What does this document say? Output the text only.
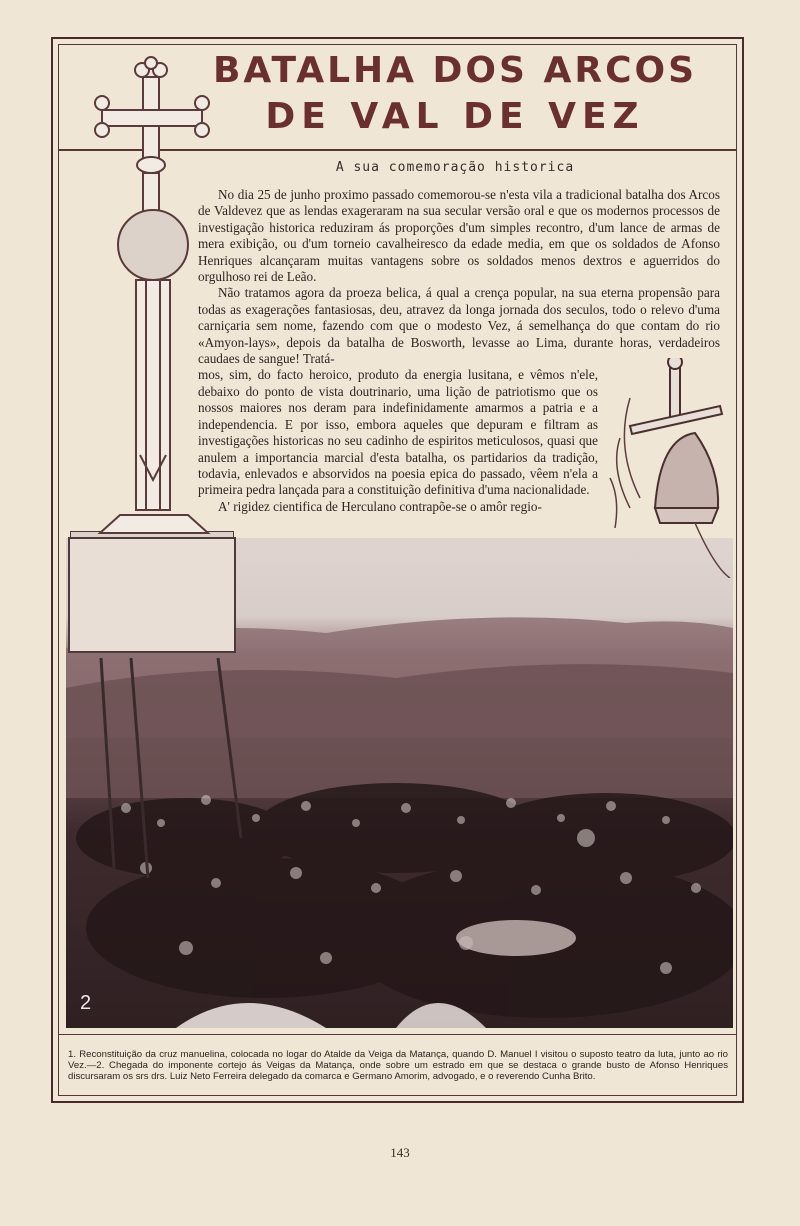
BATALHA DOS ARCOS
DE VAL DE VEZ
A sua comemoração historica

No dia 25 de junho proximo passado comemorou-se n'esta vila a tradicional batalha dos Arcos de Valdevez que as lendas exageraram na sua secular versão oral e que os modernos processos de investigação historica reduziram ás proporções d'um simples recontro, d'um lance de armas de mera exibição, ou d'um torneio cavalheiresco da edade media, em que os soldados de Afonso Henriques alcançaram muitas vantagens sobre os soldados menos dextros e aguerridos do orgulhoso rei de Leão.

Não tratamos agora da proeza belica, á qual a crença popular, na sua eterna propensão para todas as exagerações fantasiosas, deu, atravez da longa jornada dos seculos, todo o relevo d'uma carniçaria sem nome, fazendo com que o modesto Vez, á semelhança do que contam do rio «Amyon-lays», depois da batalha de Bosworth, levasse ao Lima, durante horas, verdadeiros caudaes de sangue! Tratá-

mos, sim, do facto heroico, produto da energia lusitana, e vêmos n'ele, debaixo do ponto de vista doutrinario, uma lição de patriotismo que os nossos maiores nos deram para indefinidamente amarmos a patria e a independencia. E por isso, embora aqueles que depuram e filtram as investigações historicas no seu cadinho de espiritos meticulosos, quasi que anulem a importancia marcial d'esta batalha, os partidarios da tradição, todavia, enlevados e absorvidos na poesia epica do passado, vêem n'ela a primeira pedra lançada para a constituição definitiva d'uma nacionalidade.

A' rigidez cientifica de Herculano contrapõe-se o amôr regio-

2
1. Reconstituição da cruz manuelina, colocada no logar do Atalde da Veiga da Matança, quando D. Manuel I visitou o suposto teatro da luta, junto ao rio Vez.—2. Chegada do imponente cortejo ás Veigas da Matança, onde sobre um estrado em que se destaca o grande busto de Afonso Henriques discursaram os srs drs. Luiz Neto Ferreira delegado da comarca e Germano Amorim, advogado, e o reverendo Cunha Brito.
143
